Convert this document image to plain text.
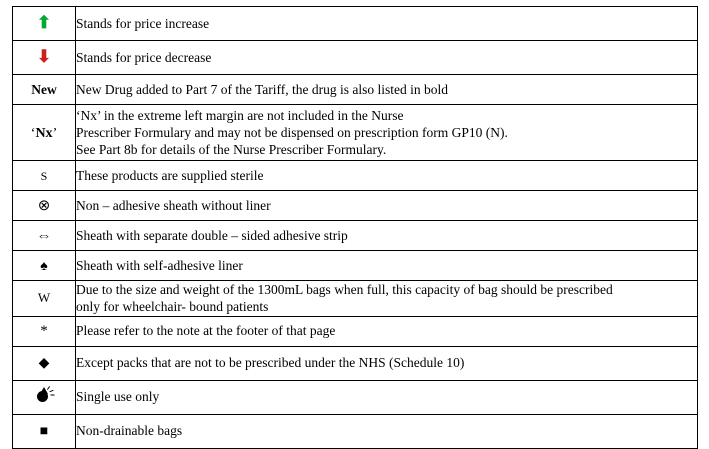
⬆	Stands for price increase

⬇	Stands for price decrease

New	New Drug added to Part 7 of the Tariff, the drug is also listed in bold

‘Nx’	‘Nx’ in the extreme left margin are not included in the Nurse
Prescriber Formulary and may not be dispensed on prescription form GP10 (N).
See Part 8b for details of the Nurse Prescriber Formulary.

S	These products are supplied sterile

⊗	Non – adhesive sheath without liner

⇔	Sheath with separate double – sided adhesive strip

♠	Sheath with self-adhesive liner

W	Due to the size and weight of the 1300mL bags when full, this capacity of bag should be prescribed
only for wheelchair- bound patients

*	Please refer to the note at the footer of that page

◆	Except packs that are not to be prescribed under the NHS (Schedule 10)

	Single use only

■	Non-drainable bags
